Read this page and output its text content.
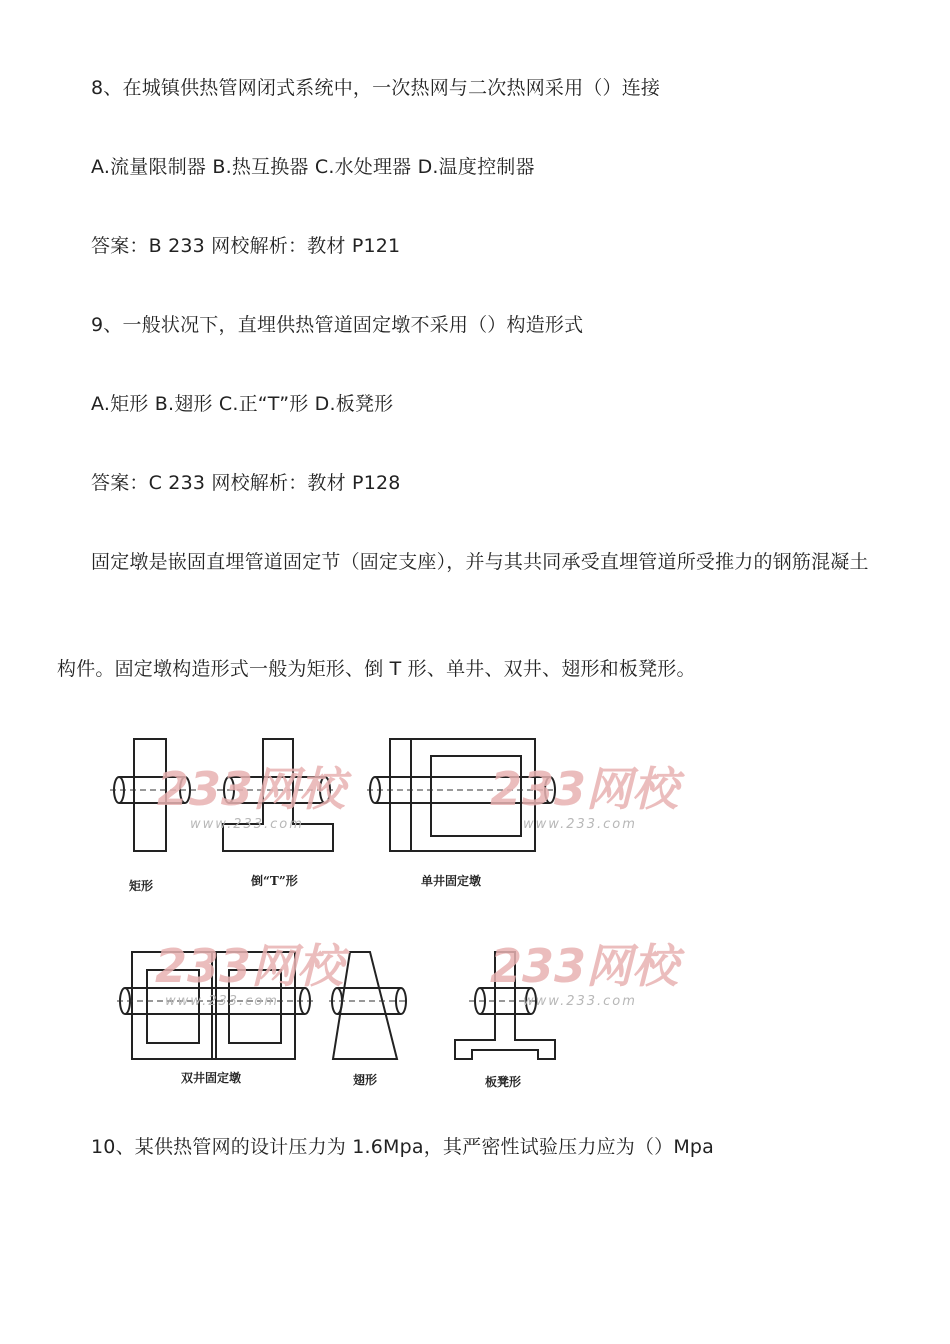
8、在城镇供热管网闭式系统中，一次热网与二次热网采用（）连接
A.流量限制器 B.热互换器 C.水处理器 D.温度控制器
答案：B 233 网校解析：教材 P121
9、一般状况下，直埋供热管道固定墩不采用（）构造形式
A.矩形 B.翅形 C.正“T”形 D.板凳形
答案：C 233 网校解析：教材 P128
固定墩是嵌固直埋管道固定节（固定支座），并与其共同承受直埋管道所受推力的钢筋混凝土
构件。固定墩构造形式一般为矩形、倒 T 形、单井、双井、翅形和板凳形。
233网校
www.233.com
233网校
www.233.com
233网校
www.233.com
233网校
www.233.com
矩形	倒“T”形	单井固定墩
双井固定墩	翅形	板凳形
10、某供热管网的设计压力为 1.6Mpa，其严密性试验压力应为（）Mpa
